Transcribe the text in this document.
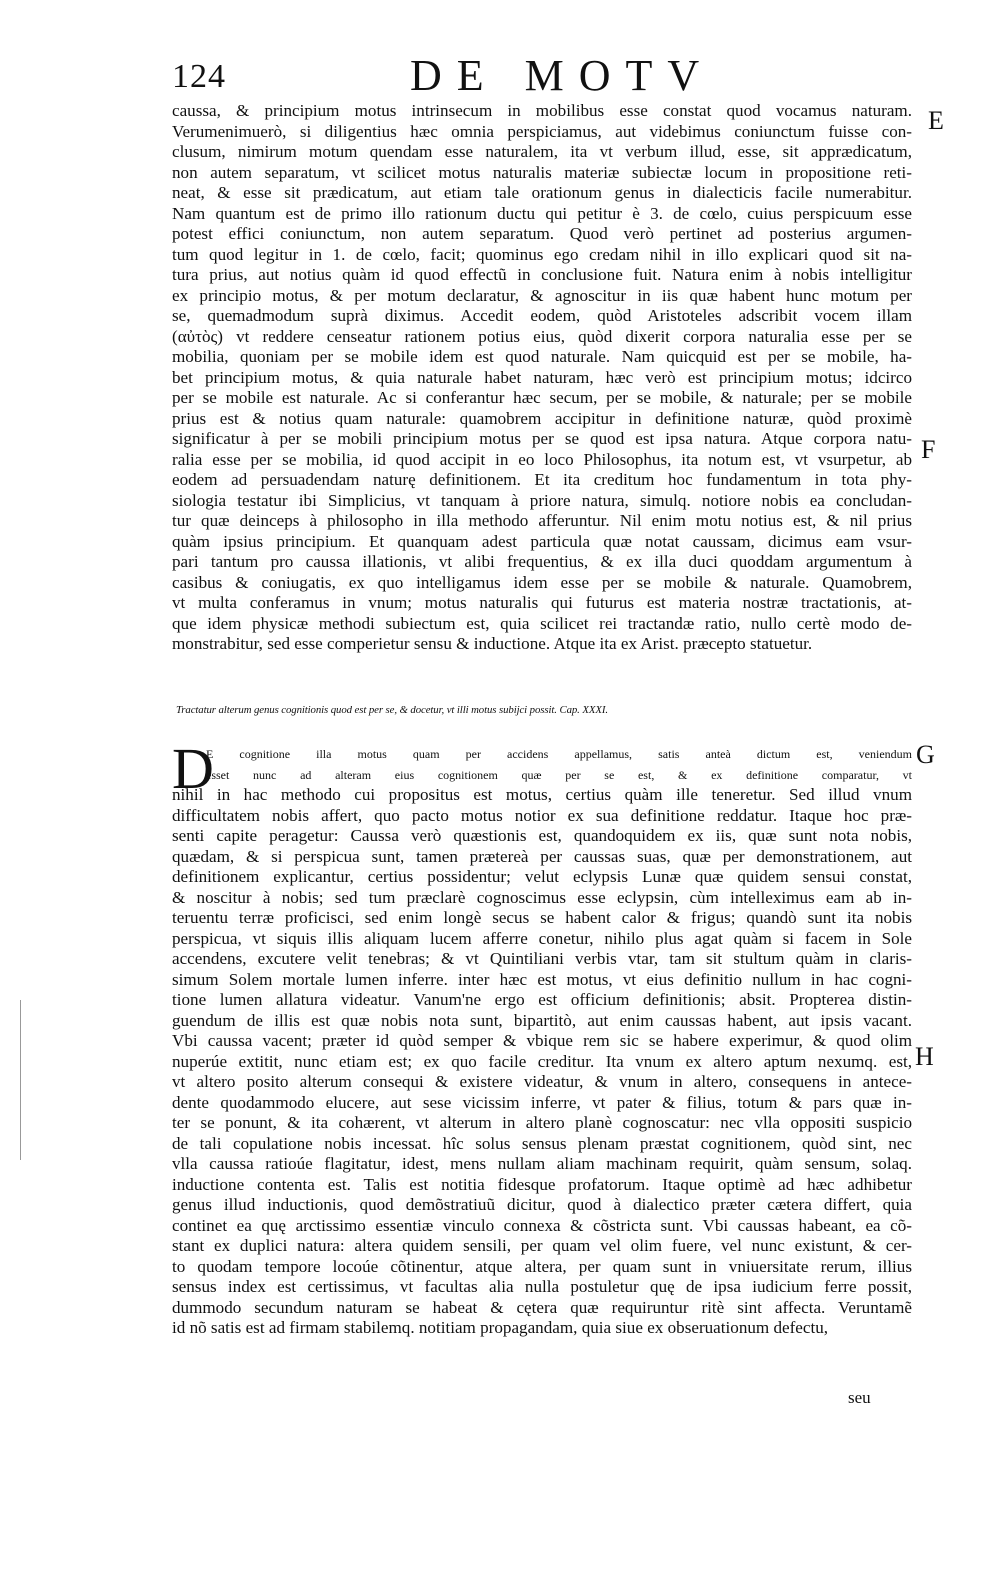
124	DE MOTV
E
F
G
H
caussa, & principium motus intrinsecum in mobilibus esse constat quod vocamus naturam.
Verumenimuerò, si diligentius hæc omnia perspiciamus, aut videbimus coniunctum fuisse con-
clusum, nimirum motum quendam esse naturalem, ita vt verbum illud, esse, sit apprædicatum,
non autem separatum, vt scilicet motus naturalis materiæ subiectæ locum in propositione reti-
neat, & esse sit prædicatum, aut etiam tale orationum genus in dialecticis facile numerabitur.
Nam quantum est de primo illo rationum ductu qui petitur è 3. de cœlo, cuius perspicuum esse
potest effici coniunctum, non autem separatum. Quod verò pertinet ad posterius argumen-
tum quod legitur in 1. de cœlo, facit; quominus ego credam nihil in illo explicari quod sit na-
tura prius, aut notius quàm id quod effectũ in conclusione fuit. Natura enim à nobis intelligitur
ex principio motus, & per motum declaratur, & agnoscitur in iis quæ habent hunc motum per
se, quemadmodum suprà diximus. Accedit eodem, quòd Aristoteles adscribit vocem illam
(αὐτὸς) vt reddere censeatur rationem potius eius, quòd dixerit corpora naturalia esse per se
mobilia, quoniam per se mobile idem est quod naturale. Nam quicquid est per se mobile, ha-
bet principium motus, & quia naturale habet naturam, hæc verò est principium motus; idcirco
per se mobile est naturale. Ac si conferantur hæc secum, per se mobile, & naturale; per se mobile
prius est & notius quam naturale: quamobrem accipitur in definitione naturæ, quòd proximè
significatur à per se mobili principium motus per se quod est ipsa natura. Atque corpora natu-
ralia esse per se mobilia, id quod accipit in eo loco Philosophus, ita notum est, vt vsurpetur, ab
eodem ad persuadendam naturę definitionem. Et ita creditum hoc fundamentum in tota phy-
siologia testatur ibi Simplicius, vt tanquam à priore natura, simulq. notiore nobis ea concludan-
tur quæ deinceps à philosopho in illa methodo afferuntur. Nil enim motu notius est, & nil prius
quàm ipsius principium. Et quanquam adest particula quæ notat caussam, dicimus eam vsur-
pari tantum pro caussa illationis, vt alibi frequentius, & ex illa duci quoddam argumentum à
casibus & coniugatis, ex quo intelligamus idem esse per se mobile & naturale. Quamobrem,
vt multa conferamus in vnum; motus naturalis qui futurus est materia nostræ tractationis, at-
que idem physicæ methodi subiectum est, quia scilicet rei tractandæ ratio, nullo certè modo de-
monstrabitur, sed esse comperietur sensu & inductione. Atque ita ex Arist. præcepto statuetur.
Tractatur alterum genus cognitionis quod est per se, & docetur, vt illi motus subijci possit. Cap. XXXI.
D
E cognitione illa motus quam per accidens appellamus, satis anteà dictum est, veniendum
esset nunc ad alteram eius cognitionem quæ per se est, & ex definitione comparatur, vt
nihil in hac methodo cui propositus est motus, certius quàm ille teneretur. Sed illud vnum
difficultatem nobis affert, quo pacto motus notior ex sua definitione reddatur. Itaque hoc præ-
senti capite peragetur: Caussa verò quæstionis est, quandoquidem ex iis, quæ sunt nota nobis,
quædam, & si perspicua sunt, tamen prætereà per caussas suas, quæ per demonstrationem, aut
definitionem explicantur, certius possidentur; velut eclypsis Lunæ quæ quidem sensui constat,
& noscitur à nobis; sed tum præclarè cognoscimus esse eclypsin, cùm intelleximus eam ab in-
teruentu terræ proficisci, sed enim longè secus se habent calor & frigus; quandò sunt ita nobis
perspicua, vt siquis illis aliquam lucem afferre conetur, nihilo plus agat quàm si facem in Sole
accendens, excutere velit tenebras; & vt Quintiliani verbis vtar, tam sit stultum quàm in claris-
simum Solem mortale lumen inferre. inter hæc est motus, vt eius definitio nullum in hac cogni-
tione lumen allatura videatur. Vanum'ne ergo est officium definitionis; absit. Propterea distin-
guendum de illis est quæ nobis nota sunt, bipartitò, aut enim caussas habent, aut ipsis vacant.
Vbi caussa vacent; præter id quòd semper & vbique rem sic se habere experimur, & quod olim
nuperúe extitit, nunc etiam est; ex quo facile creditur. Ita vnum ex altero aptum nexumq. est,
vt altero posito alterum consequi & existere videatur, & vnum in altero, consequens in antece-
dente quodammodo elucere, aut sese vicissim inferre, vt pater & filius, totum & pars quæ in-
ter se ponunt, & ita cohærent, vt alterum in altero planè cognoscatur: nec vlla oppositi suspicio
de tali copulatione nobis incessat. hîc solus sensus plenam præstat cognitionem, quòd sint, nec
vlla caussa ratioúe flagitatur, idest, mens nullam aliam machinam requirit, quàm sensum, solaq.
inductione contenta est. Talis est notitia fidesque profatorum. Itaque optimè ad hæc adhibetur
genus illud inductionis, quod demõstratiuũ dicitur, quod à dialectico præter cætera differt, quia
continet ea quę arctissimo essentiæ vinculo connexa & cõstricta sunt. Vbi caussas habeant, ea cõ-
stant ex duplici natura: altera quidem sensili, per quam vel olim fuere, vel nunc existunt, & cer-
to quodam tempore locoúe cõtinentur, atque altera, per quam sunt in vniuersitate rerum, illius
sensus index est certissimus, vt facultas alia nulla postuletur quę de ipsa iudicium ferre possit,
dummodo secundum naturam se habeat & cętera quæ requiruntur ritè sint affecta. Veruntamẽ
id nõ satis est ad firmam stabilemq. notitiam propagandam, quia siue ex obseruationum defectu,
seu
